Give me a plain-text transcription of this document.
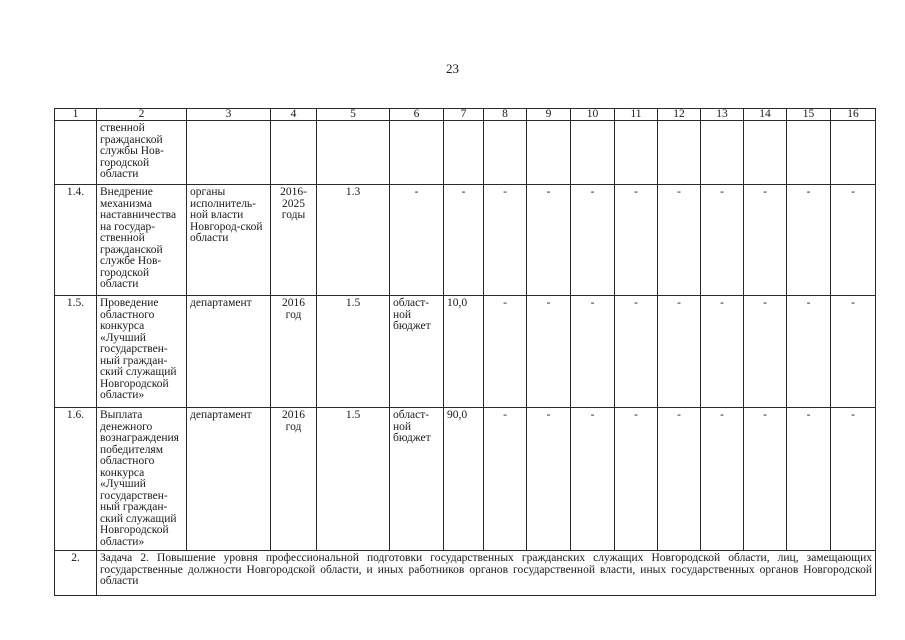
23
1	2	3	4	5	6	7	8	9	10	11	12	13	14	15	16
	ственной гражданской службы Нов-городской области														
1.4.	Внедрение механизма наставничества на государ-ственной гражданской службе Нов-городской области	органы исполнитель-ной власти Новгород-ской области	2016-2025 годы	1.3	-	-	-	-	-	-	-	-	-	-	-
1.5.	Проведение областного конкурса «Лучший государствен-ный граждан-ский служащий Новгородской области»	департамент	2016 год	1.5	област-ной бюджет	10,0	-	-	-	-	-	-	-	-	-
1.6.	Выплата денежного вознаграждения победителям областного конкурса «Лучший государствен-ный граждан-ский служащий Новгородской области»	департамент	2016 год	1.5	област-ной бюджет	90,0	-	-	-	-	-	-	-	-	-
2.	Задача 2. Повышение уровня профессиональной подготовки государственных гражданских служащих Новгородской области, лиц, замещающих государственные должности Новгородской области, и иных работников органов государственной власти, иных государственных органов Новгородской области														
